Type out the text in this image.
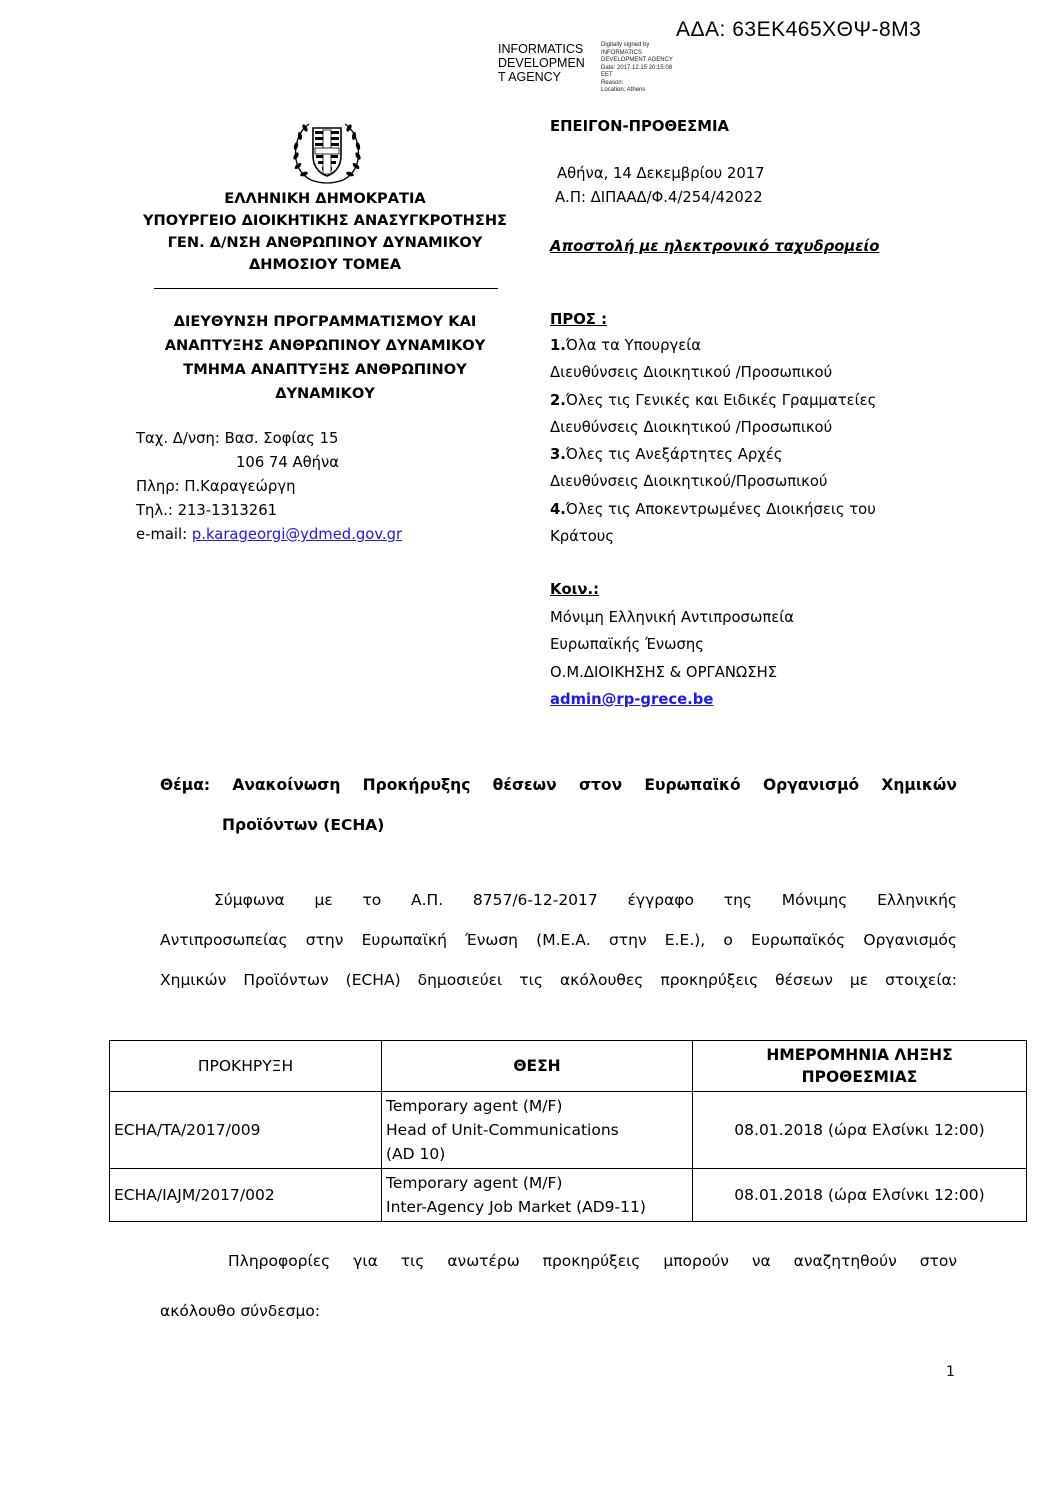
ΑΔΑ: 63ΕΚ465ΧΘΨ-8Μ3
INFORMATICS
DEVELOPMEN
T AGENCY
Digitally signed by
INFORMATICS
DEVELOPMENT AGENCY
Date: 2017.12.15 20:15:08
EET
Reason:
Location: Athens
ΕΛΛΗΝΙΚΗ ΔΗΜΟΚΡΑΤΙΑ
ΥΠΟΥΡΓΕΙΟ ΔΙΟΙΚΗΤΙΚΗΣ ΑΝΑΣΥΓΚΡΟΤΗΣΗΣ
ΓΕΝ. Δ/ΝΣΗ ΑΝΘΡΩΠΙΝΟΥ ΔΥΝΑΜΙΚΟΥ
ΔΗΜΟΣΙΟΥ ΤΟΜΕΑ
ΔΙΕΥΘΥΝΣΗ ΠΡΟΓΡΑΜΜΑΤΙΣΜΟΥ ΚΑΙ
ΑΝΑΠΤΥΞΗΣ ΑΝΘΡΩΠΙΝΟΥ ΔΥΝΑΜΙΚΟΥ
ΤΜΗΜΑ ΑΝΑΠΤΥΞΗΣ ΑΝΘΡΩΠΙΝΟΥ
ΔΥΝΑΜΙΚΟΥ
Ταχ. Δ/νση: Βασ. Σοφίας 15
106 74 Αθήνα
Πληρ: Π.Καραγεώργη
Τηλ.: 213-1313261
e-mail: p.karageorgi@ydmed.gov.gr
ΕΠΕΙΓΟΝ-ΠΡΟΘΕΣΜΙΑ
Αθήνα, 14 Δεκεμβρίου 2017
Α.Π: ΔΙΠΑΑΔ/Φ.4/254/42022
Αποστολή με ηλεκτρονικό ταχυδρομείο
ΠΡΟΣ :
1.Όλα τα Υπουργεία
Διευθύνσεις Διοικητικού /Προσωπικού
2.Όλες τις Γενικές και Ειδικές Γραμματείες
Διευθύνσεις Διοικητικού /Προσωπικού
3.Όλες τις Ανεξάρτητες Αρχές
Διευθύνσεις Διοικητικού/Προσωπικού
4.Όλες τις Αποκεντρωμένες Διοικήσεις του
Κράτους
Κοιν.:
Μόνιμη Ελληνική Αντιπροσωπεία
Ευρωπαϊκής Ένωσης
Ο.Μ.ΔΙΟΙΚΗΣΗΣ & ΟΡΓΑΝΩΣΗΣ
admin@rp-grece.be
Θέμα: Ανακοίνωση Προκήρυξης θέσεων στον Ευρωπαϊκό Οργανισμό Χημικών
Προϊόντων (ECHA)
Σύμφωνα με το Α.Π. 8757/6-12-2017 έγγραφο της Μόνιμης Ελληνικής
Αντιπροσωπείας στην Ευρωπαϊκή Ένωση (Μ.Ε.Α. στην Ε.Ε.), ο Ευρωπαϊκός Οργανισμός
Χημικών Προϊόντων (ECHA) δημοσιεύει τις ακόλουθες προκηρύξεις θέσεων με στοιχεία:
ΠΡΟΚΗΡΥΞΗ	ΘΕΣΗ	ΗΜΕΡΟΜΗΝΙΑ ΛΗΞΗΣ ΠΡΟΘΕΣΜΙΑΣ
ECHA/TA/2017/009	Temporary agent (M/F)
Head of Unit-Communications
(AD 10)	08.01.2018 (ώρα Ελσίνκι 12:00)
ECHA/IAJM/2017/002	Temporary agent (M/F)
Inter-Agency Job Market (AD9-11)	08.01.2018 (ώρα Ελσίνκι 12:00)
Πληροφορίες για τις ανωτέρω προκηρύξεις μπορούν να αναζητηθούν στον
ακόλουθο σύνδεσμο:
1
